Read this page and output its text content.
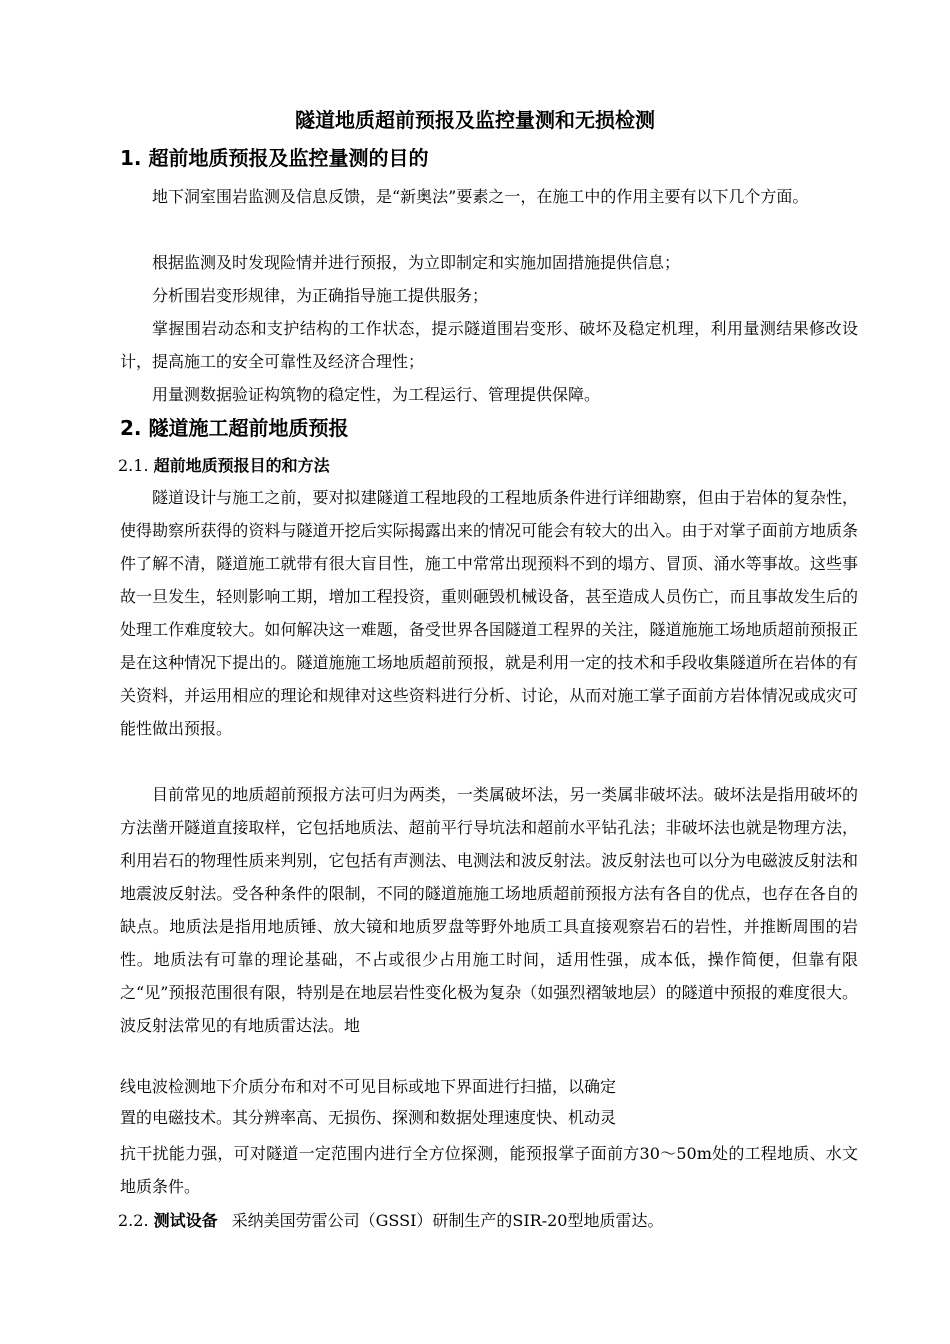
隧道地质超前预报及监控量测和无损检测
1. 超前地质预报及监控量测的目的

地下洞室围岩监测及信息反馈，是“新奥法”要素之一，在施工中的作用主要有以下几个方面。

根据监测及时发现险情并进行预报，为立即制定和实施加固措施提供信息；

分析围岩变形规律，为正确指导施工提供服务；

掌握围岩动态和支护结构的工作状态，提示隧道围岩变形、破坏及稳定机理，利用量测结果修改设计，提高施工的安全可靠性及经济合理性；

用量测数据验证构筑物的稳定性，为工程运行、管理提供保障。

2. 隧道施工超前地质预报
2.1. 超前地质预报目的和方法

隧道设计与施工之前，要对拟建隧道工程地段的工程地质条件进行详细勘察，但由于岩体的复杂性，使得勘察所获得的资料与隧道开挖后实际揭露出来的情况可能会有较大的出入。由于对掌子面前方地质条件了解不清，隧道施工就带有很大盲目性，施工中常常出现预料不到的塌方、冒顶、涌水等事故。这些事故一旦发生，轻则影响工期，增加工程投资，重则砸毁机械设备，甚至造成人员伤亡，而且事故发生后的处理工作难度较大。如何解决这一难题，备受世界各国隧道工程界的关注，隧道施施工场地质超前预报正是在这种情况下提出的。隧道施施工场地质超前预报，就是利用一定的技术和手段收集隧道所在岩体的有关资料，并运用相应的理论和规律对这些资料进行分析、讨论，从而对施工掌子面前方岩体情况或成灾可能性做出预报。

目前常见的地质超前预报方法可归为两类，一类属破坏法，另一类属非破坏法。破坏法是指用破坏的方法凿开隧道直接取样，它包括地质法、超前平行导坑法和超前水平钻孔法；非破坏法也就是物理方法，利用岩石的物理性质来判别，它包括有声测法、电测法和波反射法。波反射法也可以分为电磁波反射法和地震波反射法。受各种条件的限制，不同的隧道施施工场地质超前预报方法有各自的优点，也存在各自的缺点。地质法是指用地质锤、放大镜和地质罗盘等野外地质工具直接观察岩石的岩性，并推断周围的岩性。地质法有可靠的理论基础，不占或很少占用施工时间，适用性强，成本低，操作简便，但靠有限之“见”预报范围很有限，特别是在地层岩性变化极为复杂（如强烈褶皱地层）的隧道中预报的难度很大。波反射法常见的有地质雷达法。地

线电波检测地下介质分布和对不可见目标或地下界面进行扫描，以确定
置的电磁技术。其分辨率高、无损伤、探测和数据处理速度快、机动灵

抗干扰能力强，可对隧道一定范围内进行全方位探测，能预报掌子面前方30～50m处的工程地质、水文地质条件。

2.2. 测试设备 采纳美国劳雷公司（GSSI）研制生产的SIR-20型地质雷达。
